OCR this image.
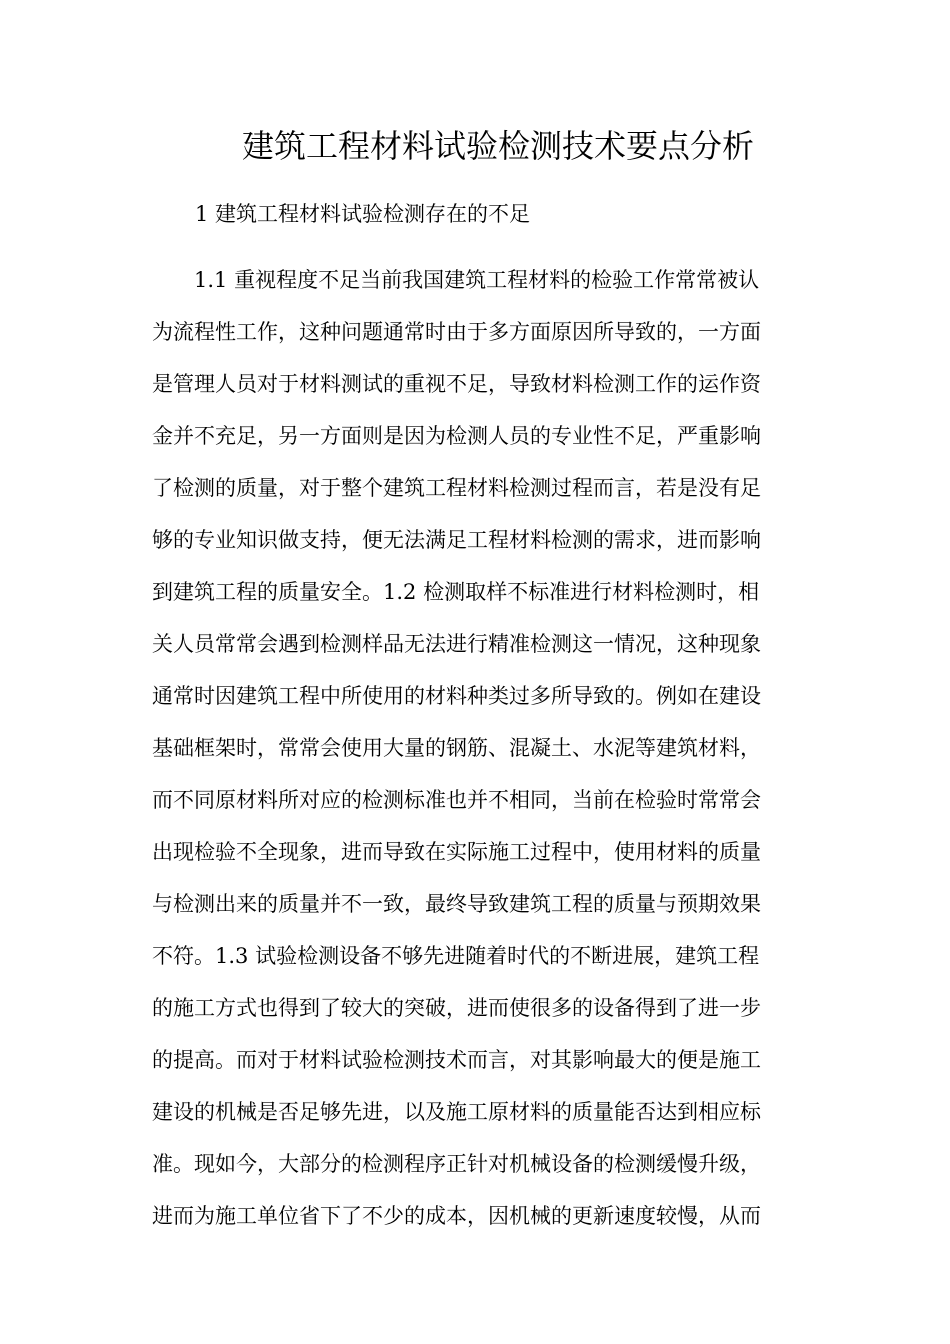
建筑工程材料试验检测技术要点分析

1 建筑工程材料试验检测存在的不足

　　1.1 重视程度不足当前我国建筑工程材料的检验工作常常被认

为流程性工作，这种问题通常时由于多方面原因所导致的，一方面

是管理人员对于材料测试的重视不足，导致材料检测工作的运作资

金并不充足，另一方面则是因为检测人员的专业性不足，严重影响

了检测的质量，对于整个建筑工程材料检测过程而言，若是没有足

够的专业知识做支持，便无法满足工程材料检测的需求，进而影响

到建筑工程的质量安全。1.2 检测取样不标准进行材料检测时，相

关人员常常会遇到检测样品无法进行精准检测这一情况，这种现象

通常时因建筑工程中所使用的材料种类过多所导致的。例如在建设

基础框架时，常常会使用大量的钢筋、混凝土、水泥等建筑材料，

而不同原材料所对应的检测标准也并不相同，当前在检验时常常会

出现检验不全现象，进而导致在实际施工过程中，使用材料的质量

与检测出来的质量并不一致，最终导致建筑工程的质量与预期效果

不符。1.3 试验检测设备不够先进随着时代的不断进展，建筑工程

的施工方式也得到了较大的突破，进而使很多的设备得到了进一步

的提高。而对于材料试验检测技术而言，对其影响最大的便是施工

建设的机械是否足够先进，以及施工原材料的质量能否达到相应标

准。现如今，大部分的检测程序正针对机械设备的检测缓慢升级，

进而为施工单位省下了不少的成本，因机械的更新速度较慢，从而
